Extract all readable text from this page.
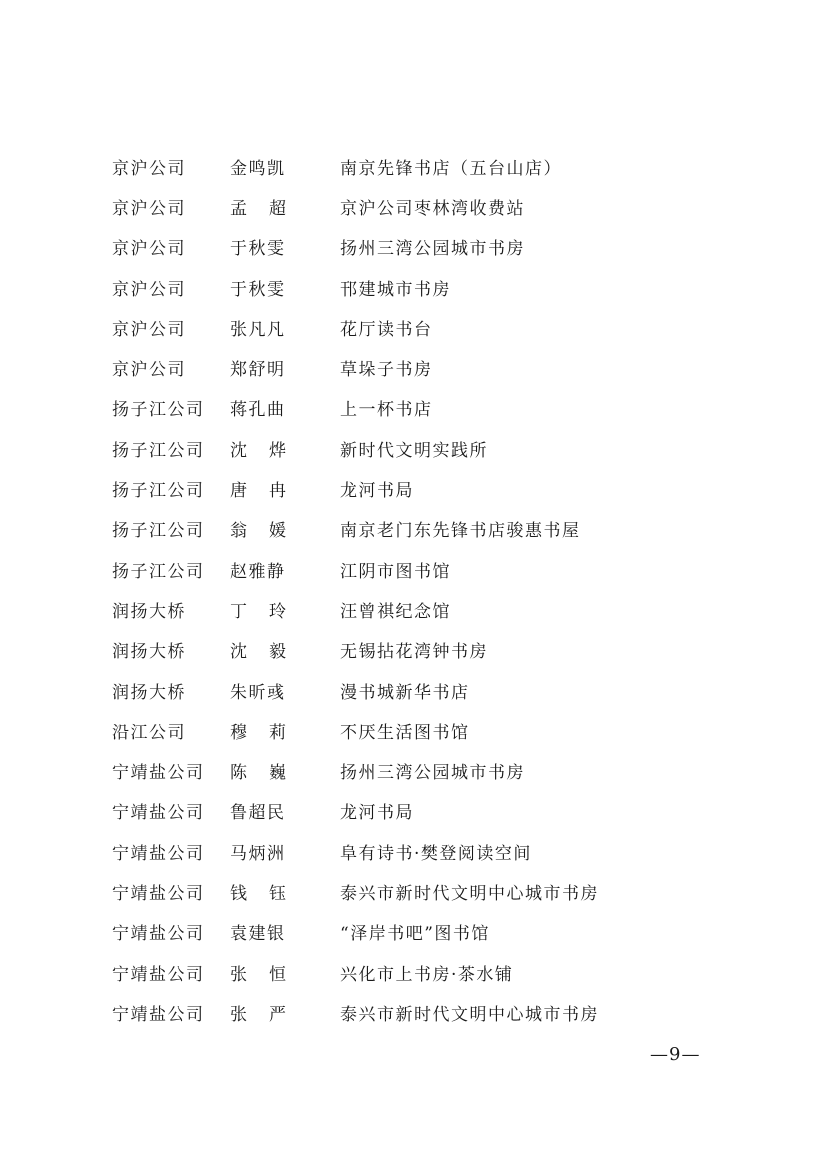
京沪公司	金鸣凯	南京先锋书店（五台山店）
京沪公司	孟超	京沪公司枣林湾收费站
京沪公司	于秋雯	扬州三湾公园城市书房
京沪公司	于秋雯	邗建城市书房
京沪公司	张凡凡	花厅读书台
京沪公司	郑舒明	草垛子书房
扬子江公司	蒋孔曲	上一杯书店
扬子江公司	沈烨	新时代文明实践所
扬子江公司	唐冉	龙河书局
扬子江公司	翁媛	南京老门东先锋书店骏惠书屋
扬子江公司	赵雅静	江阴市图书馆
润扬大桥	丁玲	汪曾祺纪念馆
润扬大桥	沈毅	无锡拈花湾钟书房
润扬大桥	朱昕彧	漫书城新华书店
沿江公司	穆莉	不厌生活图书馆
宁靖盐公司	陈巍	扬州三湾公园城市书房
宁靖盐公司	鲁超民	龙河书局
宁靖盐公司	马炳洲	阜有诗书·樊登阅读空间
宁靖盐公司	钱钰	泰兴市新时代文明中心城市书房
宁靖盐公司	袁建银	“泽岸书吧”图书馆
宁靖盐公司	张恒	兴化市上书房·茶水铺
宁靖盐公司	张严	泰兴市新时代文明中心城市书房
—9—
